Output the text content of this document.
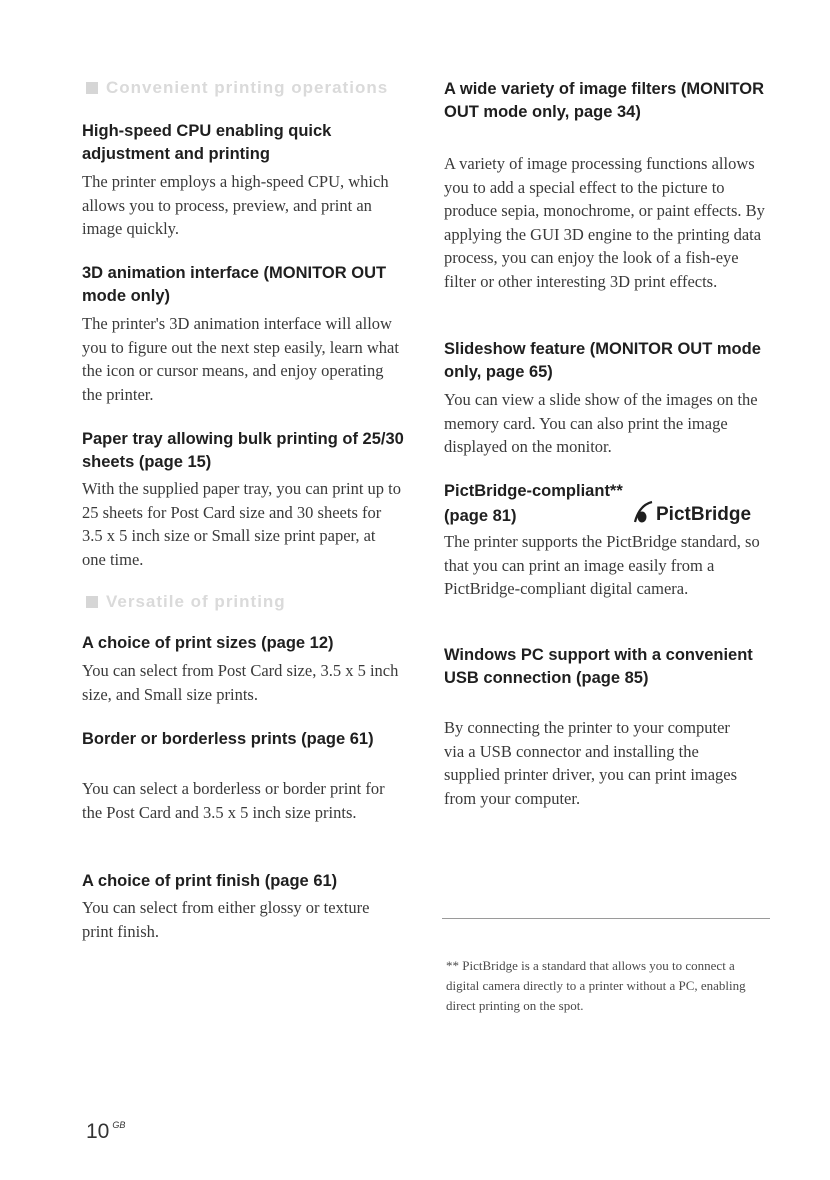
Convenient printing operations
High-speed CPU enabling quick adjustment and printing

The printer employs a high-speed CPU, which allows you to process, preview, and print an image quickly.

3D animation interface (MONITOR OUT mode only)

The printer's 3D animation interface will allow you to figure out the next step easily, learn what the icon or cursor means, and enjoy operating the printer.

Paper tray allowing bulk printing of 25/30 sheets (page 15)

With the supplied paper tray, you can print up to 25 sheets for Post Card size and 30 sheets for 3.5 x 5 inch size or Small size print paper, at one time.

Versatile of printing
A choice of print sizes (page 12)

You can select from Post Card size, 3.5 x 5 inch size, and Small size prints.

Border or borderless prints (page 61)

You can select a borderless or border print for the Post Card and 3.5 x 5 inch size prints.

A choice of print finish (page 61)

You can select from either glossy or texture print finish.

A wide variety of image filters (MONITOR OUT mode only, page 34)

A variety of image processing functions allows you to add a special effect to the picture to produce sepia, monochrome, or paint effects. By applying the GUI 3D engine to the printing data process, you can enjoy the look of a fish-eye filter or other interesting 3D print effects.

Slideshow feature (MONITOR OUT mode only, page 65)

You can view a slide show of the images on the memory card. You can also print the image displayed on the monitor.

PictBridge-compliant**
(page 81)	PictBridge

The printer supports the PictBridge standard, so that you can print an image easily from a PictBridge-compliant digital camera.

Windows PC support with a convenient USB connection (page 85)

By connecting the printer to your computer via a USB connector and installing the supplied printer driver, you can print images from your computer.

** PictBridge is a standard that allows you to connect a digital camera directly to a printer without a PC, enabling direct printing on the spot.

10 $^{GB}$
